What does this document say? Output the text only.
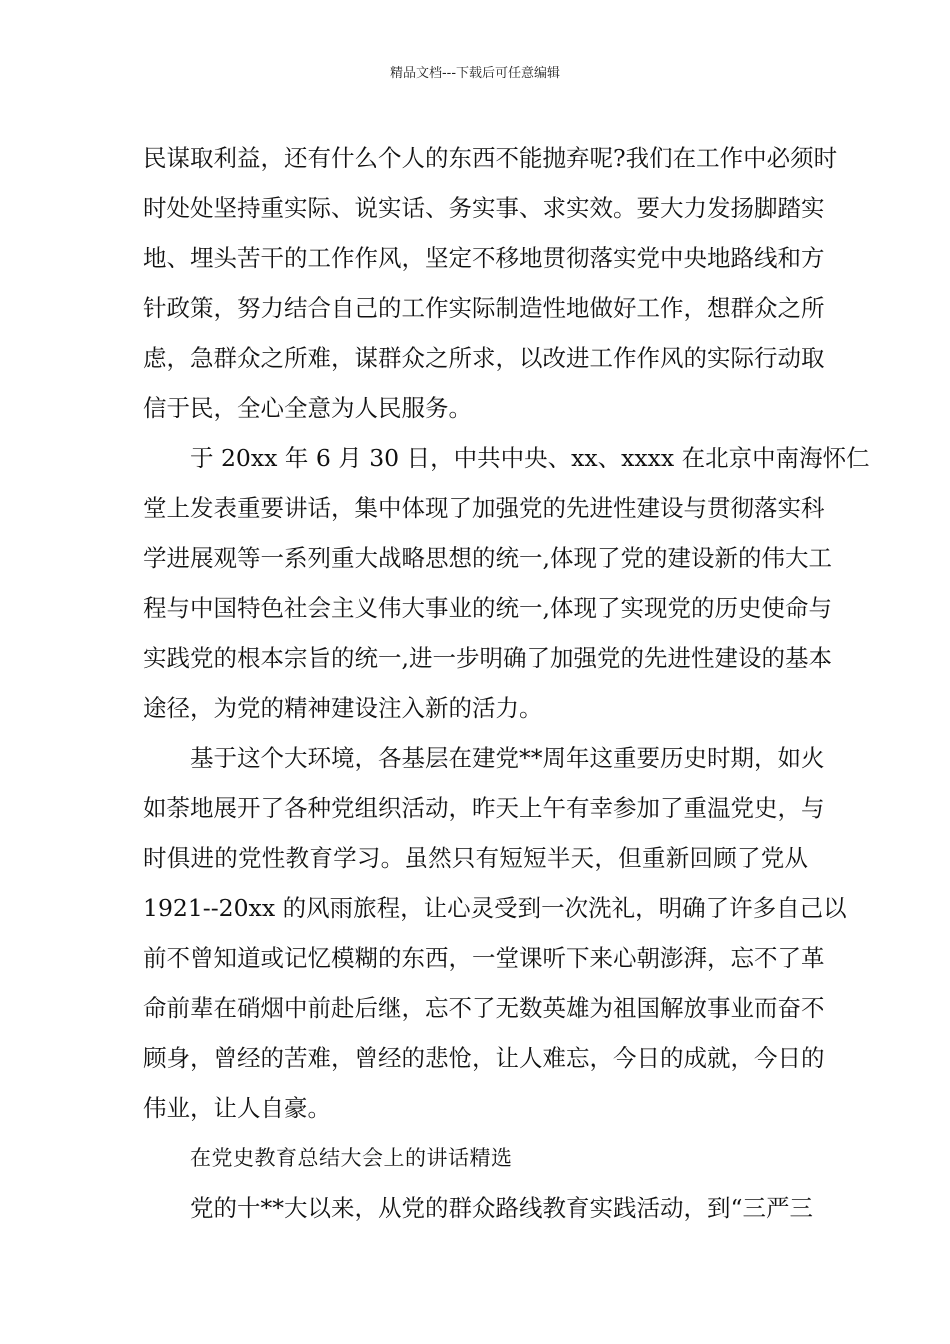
精品文档---下载后可任意编辑
民谋取利益，还有什么个人的东西不能抛弃呢?我们在工作中必须时
时处处坚持重实际、说实话、务实事、求实效。要大力发扬脚踏实
地、埋头苦干的工作作风，坚定不移地贯彻落实党中央地路线和方
针政策，努力结合自己的工作实际制造性地做好工作，想群众之所
虑，急群众之所难，谋群众之所求，以改进工作作风的实际行动取
信于民，全心全意为人民服务。
于 20xx 年 6 月 30 日，中共中央、xx、xxxx 在北京中南海怀仁
堂上发表重要讲话，集中体现了加强党的先进性建设与贯彻落实科
学进展观等一系列重大战略思想的统一,体现了党的建设新的伟大工
程与中国特色社会主义伟大事业的统一,体现了实现党的历史使命与
实践党的根本宗旨的统一,进一步明确了加强党的先进性建设的基本
途径，为党的精神建设注入新的活力。
基于这个大环境，各基层在建党**周年这重要历史时期，如火
如荼地展开了各种党组织活动，昨天上午有幸参加了重温党史，与
时俱进的党性教育学习。虽然只有短短半天，但重新回顾了党从
1921--20xx 的风雨旅程，让心灵受到一次洗礼，明确了许多自己以
前不曾知道或记忆模糊的东西，一堂课听下来心朝澎湃，忘不了革
命前辈在硝烟中前赴后继，忘不了无数英雄为祖国解放事业而奋不
顾身，曾经的苦难，曾经的悲怆，让人难忘，今日的成就，今日的
伟业，让人自豪。
在党史教育总结大会上的讲话精选
党的十**大以来，从党的群众路线教育实践活动，到“三严三
